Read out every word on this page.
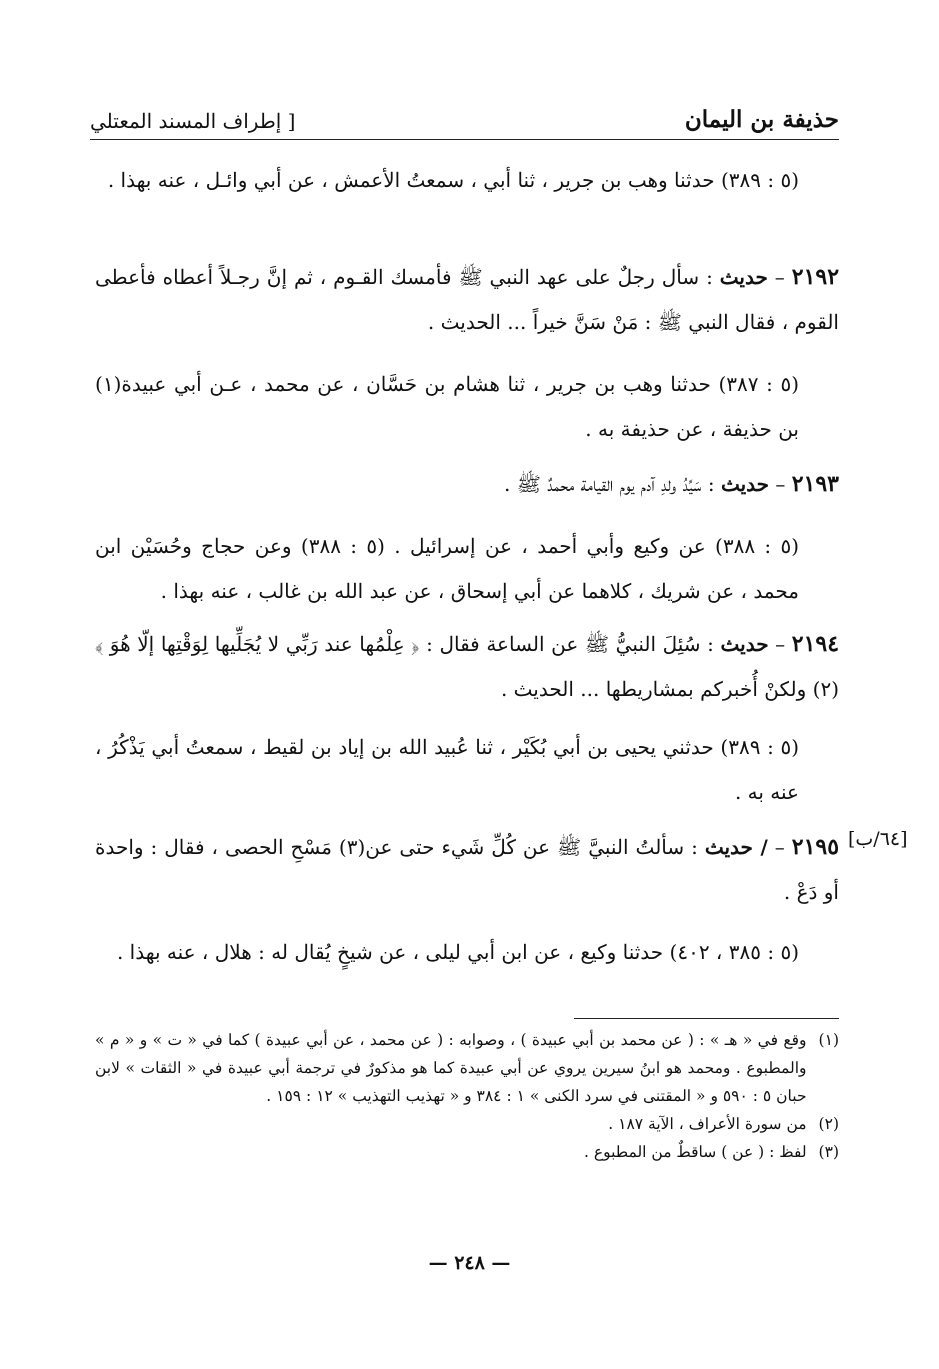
حذيفة بن اليمان
[ إطراف المسند المعتلي

(٥ : ٣٨٩) حدثنا وهب بن جرير ، ثنا أبي ، سمعتُ الأعمش ، عن أبي وائـل ، عنه بهذا .

٢١٩٢ – حديث : سأل رجلٌ على عهد النبي ﷺ فأمسك القـوم ، ثم إنَّ رجـلاً أعطاه فأعطى القوم ، فقال النبي ﷺ : مَنْ سَنَّ خيراً ... الحديث .

(٥ : ٣٨٧) حدثنا وهب بن جرير ، ثنا هشام بن حَسَّان ، عن محمد ، عـن أبي عبيدة(١) بن حذيفة ، عن حذيفة به .

٢١٩٣ – حديث : سَيِّدُ ولدِ آدم يوم القيامة محمدٌ ﷺ .

(٥ : ٣٨٨) عن وكيع وأبي أحمد ، عن إسرائيل . (٥ : ٣٨٨) وعن حجاج وحُسَيْن ابن محمد ، عن شريك ، كلاهما عن أبي إسحاق ، عن عبد الله بن غالب ، عنه بهذا .

٢١٩٤ – حديث : سُئِلَ النبيُّ ﷺ عن الساعة فقال : ﴿ عِلْمُها عند رَبِّي لا يُجَلِّيها لِوَقْتِها إلّا هُوَ ﴾(٢) ولكنْ أُخبركم بمشاريطها ... الحديث .

(٥ : ٣٨٩) حدثني يحيى بن أبي بُكَيْر ، ثنا عُبيد الله بن إياد بن لقيط ، سمعتُ أبي يَذْكُرُ ، عنه به .

[٦٤/ب]

٢١٩٥ – / حديث : سألتُ النبيَّ ﷺ عن كُلِّ شَيء حتى عن(٣) مَسْحِ الحصى ، فقال : واحدة أو دَعْ .

(٥ : ٣٨٥ ، ٤٠٢) حدثنا وكيع ، عن ابن أبي ليلى ، عن شيخٍ يُقال له : هلال ، عنه بهذا .

(١)
وقع في « هـ » : ( عن محمد بن أبي عبيدة ) ، وصوابه : ( عن محمد ، عن أبي عبيدة ) كما في « ت » و « م » والمطبوع . ومحمد هو ابنُ سيرين يروي عن أبي عبيدة كما هو مذكورٌ في ترجمة أبي عبيدة في « الثقات » لابن حبان ٥ : ٥٩٠ و « المقتنى في سرد الكنى » ١ : ٣٨٤ و « تهذيب التهذيب » ١٢ : ١٥٩ .
(٢)
من سورة الأعراف ، الآية ١٨٧ .
(٣)
لفظ : ( عن ) ساقطٌ من المطبوع .
— ٢٤٨ —
